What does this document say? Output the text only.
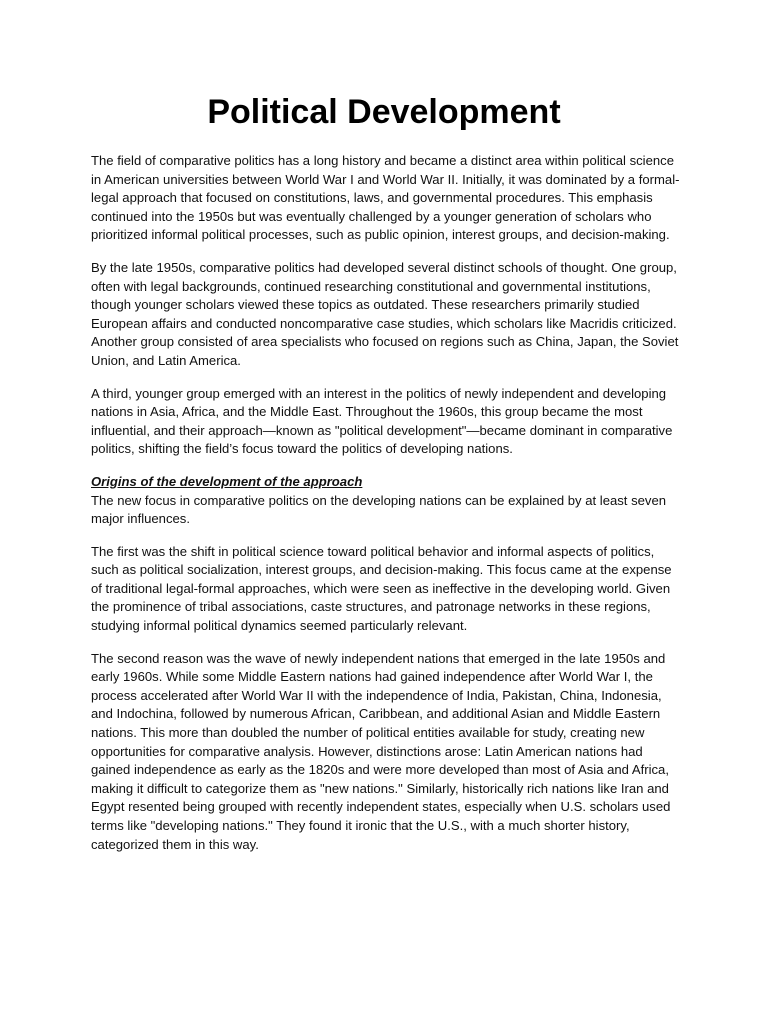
Political Development

The field of comparative politics has a long history and became a distinct area within political science in American universities between World War I and World War II. Initially, it was dominated by a formal-legal approach that focused on constitutions, laws, and governmental procedures. This emphasis continued into the 1950s but was eventually challenged by a younger generation of scholars who prioritized informal political processes, such as public opinion, interest groups, and decision-making.

By the late 1950s, comparative politics had developed several distinct schools of thought. One group, often with legal backgrounds, continued researching constitutional and governmental institutions, though younger scholars viewed these topics as outdated. These researchers primarily studied European affairs and conducted noncomparative case studies, which scholars like Macridis criticized. Another group consisted of area specialists who focused on regions such as China, Japan, the Soviet Union, and Latin America.

A third, younger group emerged with an interest in the politics of newly independent and developing nations in Asia, Africa, and the Middle East. Throughout the 1960s, this group became the most influential, and their approach—known as "political development"—became dominant in comparative politics, shifting the field’s focus toward the politics of developing nations.

Origins of the development of the approach

The new focus in comparative politics on the developing nations can be explained by at least seven major influences.

The first was the shift in political science toward political behavior and informal aspects of politics, such as political socialization, interest groups, and decision-making. This focus came at the expense of traditional legal-formal approaches, which were seen as ineffective in the developing world. Given the prominence of tribal associations, caste structures, and patronage networks in these regions, studying informal political dynamics seemed particularly relevant.

The second reason was the wave of newly independent nations that emerged in the late 1950s and early 1960s. While some Middle Eastern nations had gained independence after World War I, the process accelerated after World War II with the independence of India, Pakistan, China, Indonesia, and Indochina, followed by numerous African, Caribbean, and additional Asian and Middle Eastern nations. This more than doubled the number of political entities available for study, creating new opportunities for comparative analysis. However, distinctions arose: Latin American nations had gained independence as early as the 1820s and were more developed than most of Asia and Africa, making it difficult to categorize them as "new nations." Similarly, historically rich nations like Iran and Egypt resented being grouped with recently independent states, especially when U.S. scholars used terms like "developing nations." They found it ironic that the U.S., with a much shorter history, categorized them in this way.
